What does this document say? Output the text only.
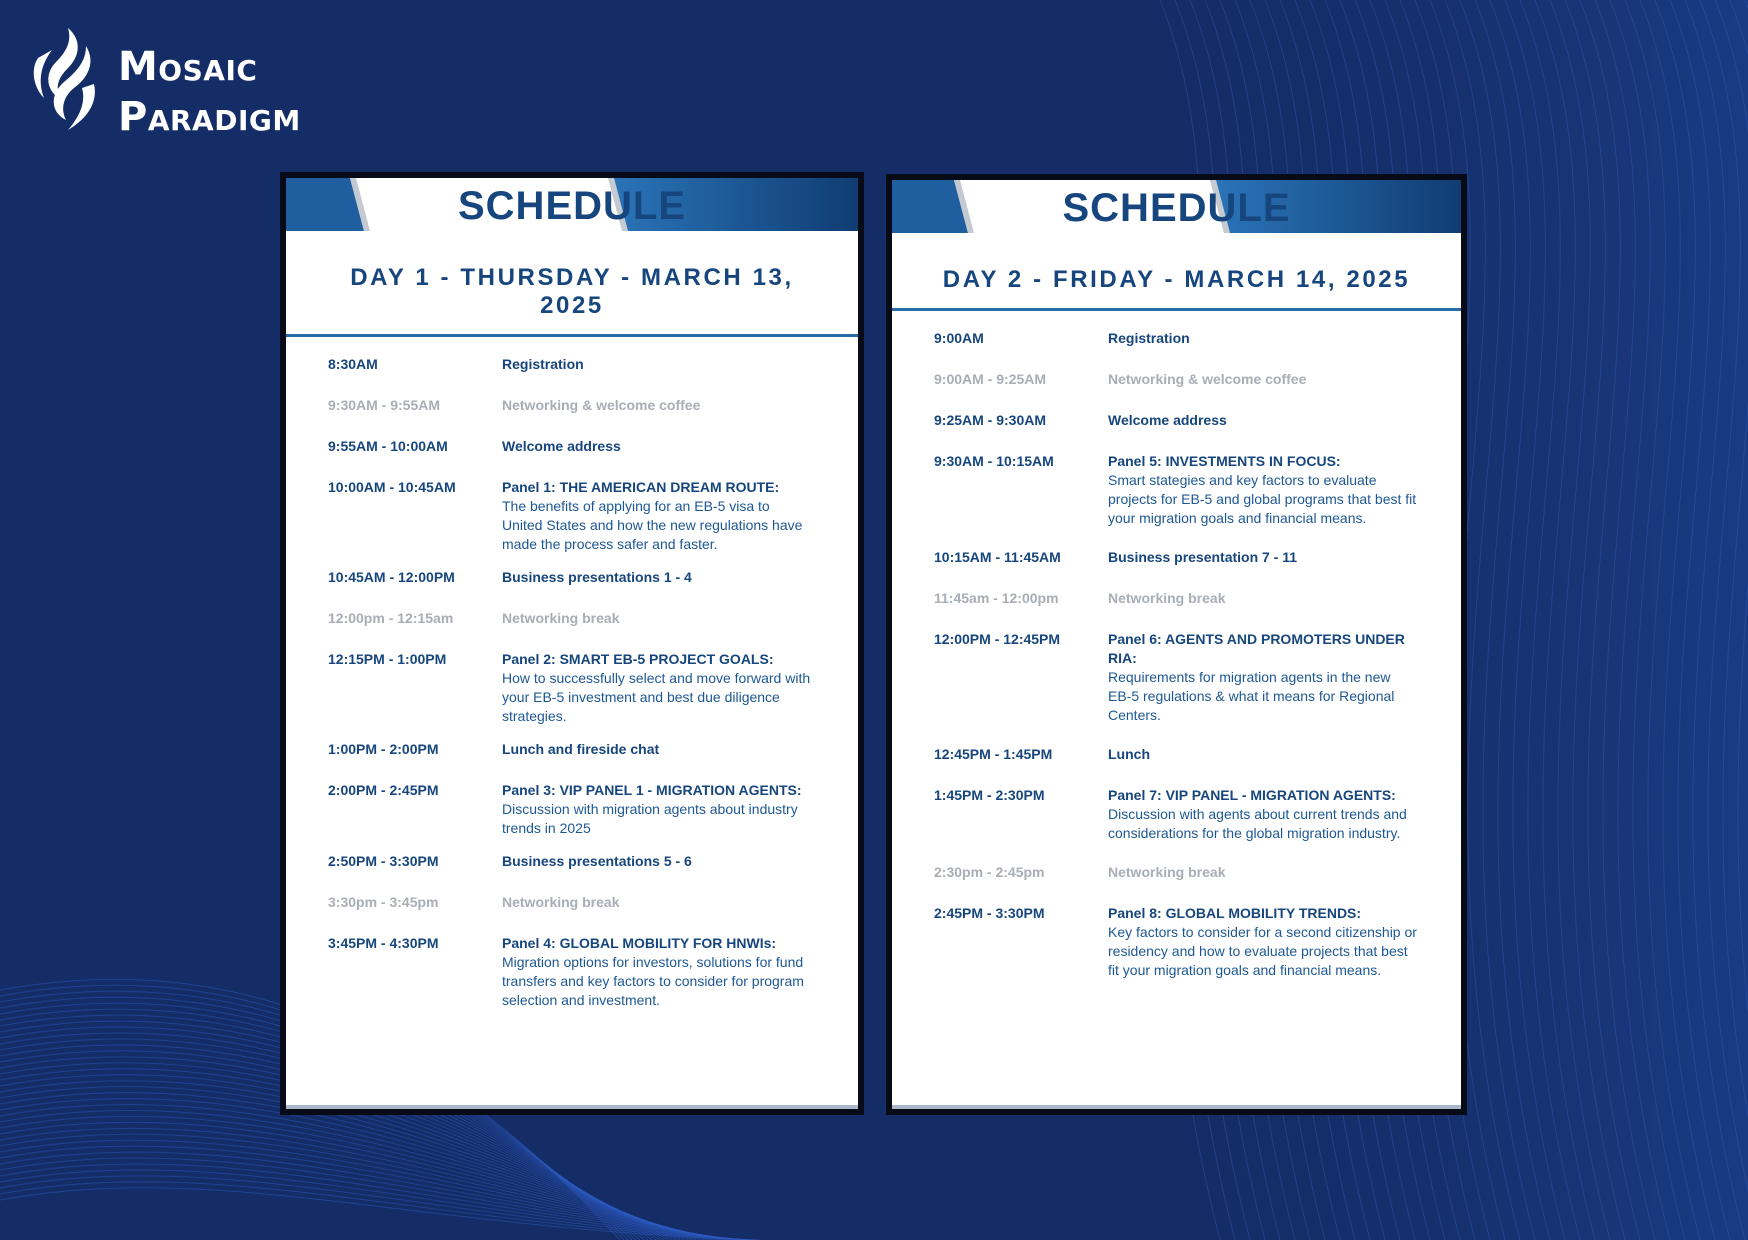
Mosaic
Paradigm
SCHEDULE
DAY 1 - THURSDAY - MARCH 13, 2025
8:30AM	Registration
9:30AM - 9:55AM	Networking & welcome coffee
9:55AM - 10:00AM	Welcome address
10:00AM - 10:45AM	Panel 1: THE AMERICAN DREAM ROUTE:
The benefits of applying for an EB-5 visa to United States and how the new regulations have made the process safer and faster.
10:45AM - 12:00PM	Business presentations 1 - 4
12:00pm - 12:15am	Networking break
12:15PM - 1:00PM	Panel 2: SMART EB-5 PROJECT GOALS:
How to successfully select and move forward with your EB-5 investment and best due diligence strategies.
1:00PM - 2:00PM	Lunch and fireside chat
2:00PM - 2:45PM	Panel 3: VIP PANEL 1 - MIGRATION AGENTS:
Discussion with migration agents about industry trends in 2025
2:50PM - 3:30PM	Business presentations 5 - 6
3:30pm - 3:45pm	Networking break
3:45PM - 4:30PM	Panel 4: GLOBAL MOBILITY FOR HNWIs:
Migration options for investors, solutions for fund transfers and key factors to consider for program selection and investment.
SCHEDULE
DAY 2 - FRIDAY - MARCH 14, 2025
9:00AM	Registration
9:00AM - 9:25AM	Networking & welcome coffee
9:25AM - 9:30AM	Welcome address
9:30AM - 10:15AM	Panel 5: INVESTMENTS IN FOCUS:
Smart stategies and key factors to evaluate projects for EB-5 and global programs that best fit your migration goals and financial means.
10:15AM - 11:45AM	Business presentation 7 - 11
11:45am - 12:00pm	Networking break
12:00PM - 12:45PM	Panel 6: AGENTS AND PROMOTERS UNDER RIA:
Requirements for migration agents in the new EB-5 regulations & what it means for Regional Centers.
12:45PM - 1:45PM	Lunch
1:45PM - 2:30PM	Panel 7: VIP PANEL - MIGRATION AGENTS:
Discussion with agents about current trends and considerations for the global migration industry.
2:30pm - 2:45pm	Networking break
2:45PM - 3:30PM	Panel 8: GLOBAL MOBILITY TRENDS:
Key factors to consider for a second citizenship or residency and how to evaluate projects that best fit your migration goals and financial means.
